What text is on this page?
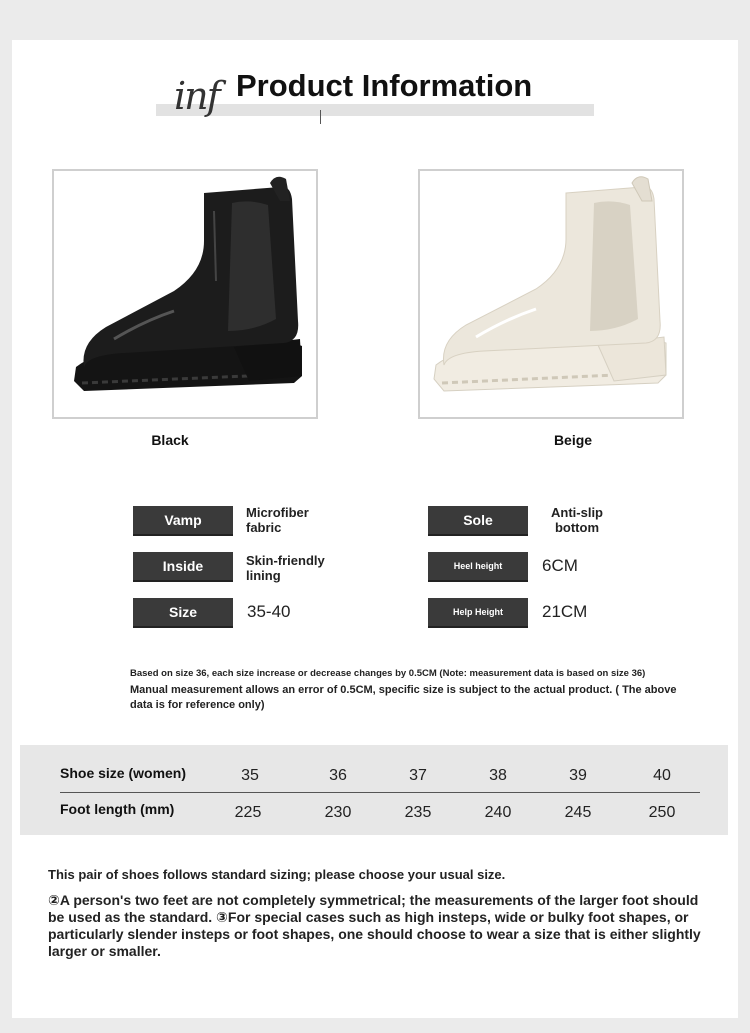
inf Product Information
Black	Beige
Vamp	Microfiber fabric
Inside	Skin-friendly lining
Size	35-40
Sole	Anti-slip bottom
Heel height	6CM
Help Height	21CM
Based on size 36, each size increase or decrease changes by 0.5CM (Note: measurement data is based on size 36)
Manual measurement allows an error of 0.5CM, specific size is subject to the actual product. ( The above data is for reference only)
Shoe size (women)	35	36	37	38	39	40
Foot length (mm)	225	230	235	240	245	250
This pair of shoes follows standard sizing; please choose your usual size.
②A person's two feet are not completely symmetrical; the measurements of the larger foot should be used as the standard. ③For special cases such as high insteps, wide or bulky foot shapes, or particularly slender insteps or foot shapes, one should choose to wear a size that is either slightly larger or smaller.
